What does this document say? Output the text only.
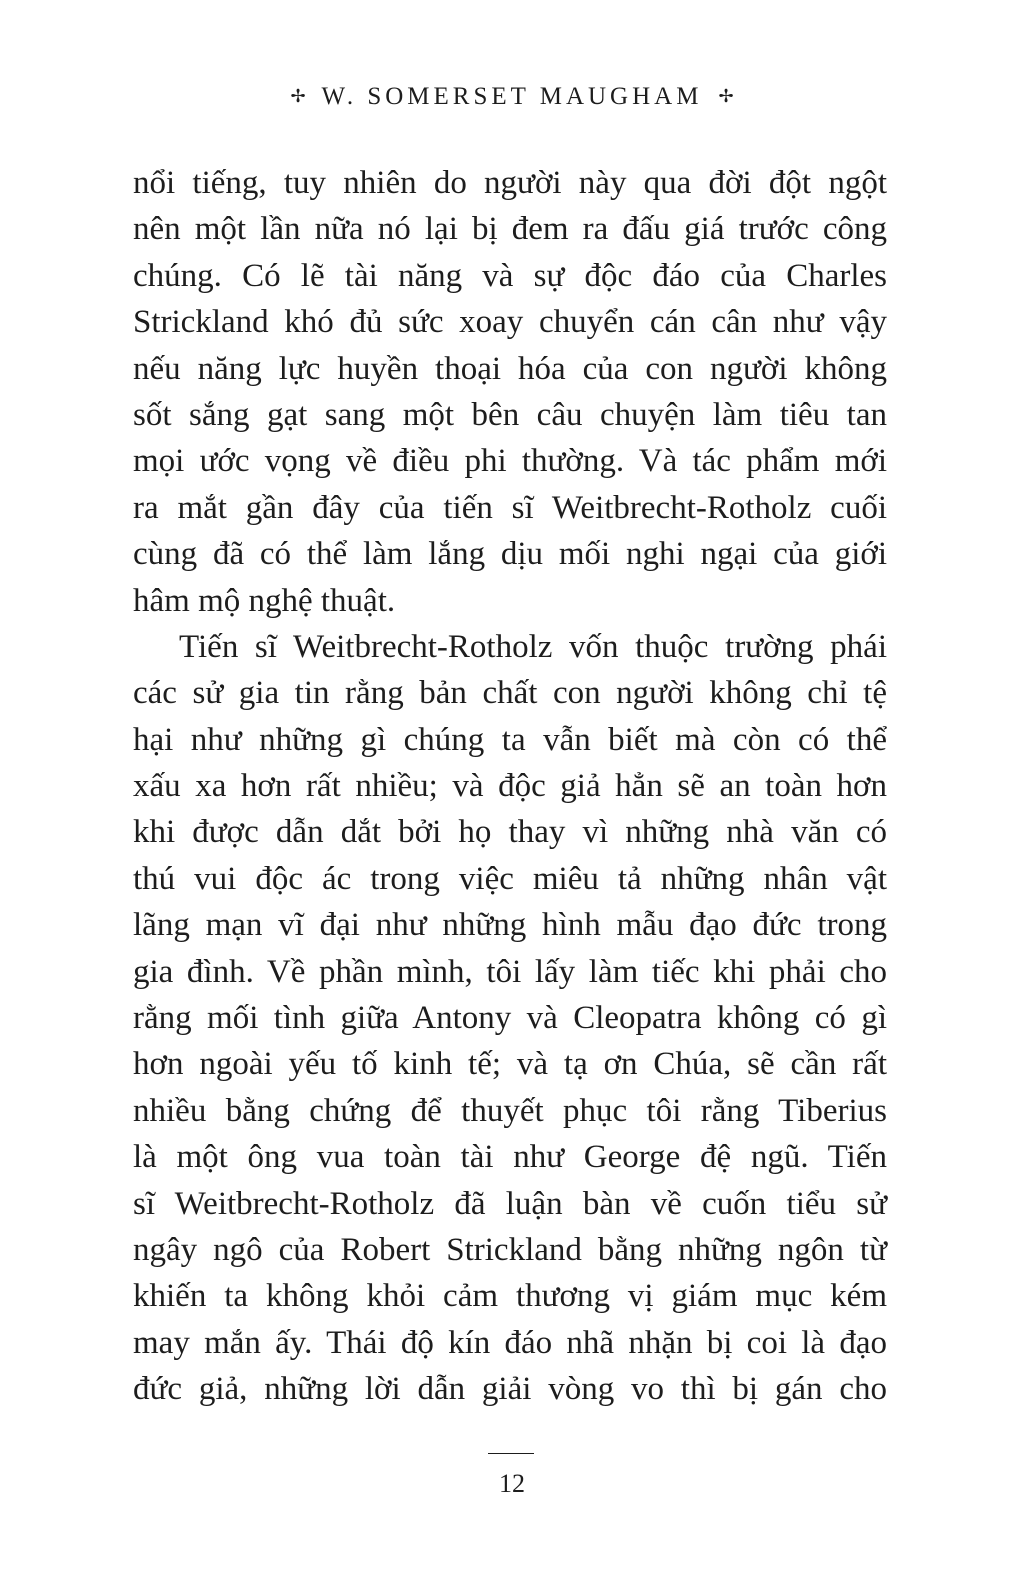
✢ W. SOMERSET MAUGHAM ✢
nổi tiếng, tuy nhiên do người này qua đời đột ngột
nên một lần nữa nó lại bị đem ra đấu giá trước công
chúng. Có lẽ tài năng và sự độc đáo của Charles
Strickland khó đủ sức xoay chuyển cán cân như vậy
nếu năng lực huyền thoại hóa của con người không
sốt sắng gạt sang một bên câu chuyện làm tiêu tan
mọi ước vọng về điều phi thường. Và tác phẩm mới
ra mắt gần đây của tiến sĩ Weitbrecht-Rotholz cuối
cùng đã có thể làm lắng dịu mối nghi ngại của giới
hâm mộ nghệ thuật.
Tiến sĩ Weitbrecht-Rotholz vốn thuộc trường phái
các sử gia tin rằng bản chất con người không chỉ tệ
hại như những gì chúng ta vẫn biết mà còn có thể
xấu xa hơn rất nhiều; và độc giả hẳn sẽ an toàn hơn
khi được dẫn dắt bởi họ thay vì những nhà văn có
thú vui độc ác trong việc miêu tả những nhân vật
lãng mạn vĩ đại như những hình mẫu đạo đức trong
gia đình. Về phần mình, tôi lấy làm tiếc khi phải cho
rằng mối tình giữa Antony và Cleopatra không có gì
hơn ngoài yếu tố kinh tế; và tạ ơn Chúa, sẽ cần rất
nhiều bằng chứng để thuyết phục tôi rằng Tiberius
là một ông vua toàn tài như George đệ ngũ. Tiến
sĩ Weitbrecht-Rotholz đã luận bàn về cuốn tiểu sử
ngây ngô của Robert Strickland bằng những ngôn từ
khiến ta không khỏi cảm thương vị giám mục kém
may mắn ấy. Thái độ kín đáo nhã nhặn bị coi là đạo
đức giả, những lời dẫn giải vòng vo thì bị gán cho
12
